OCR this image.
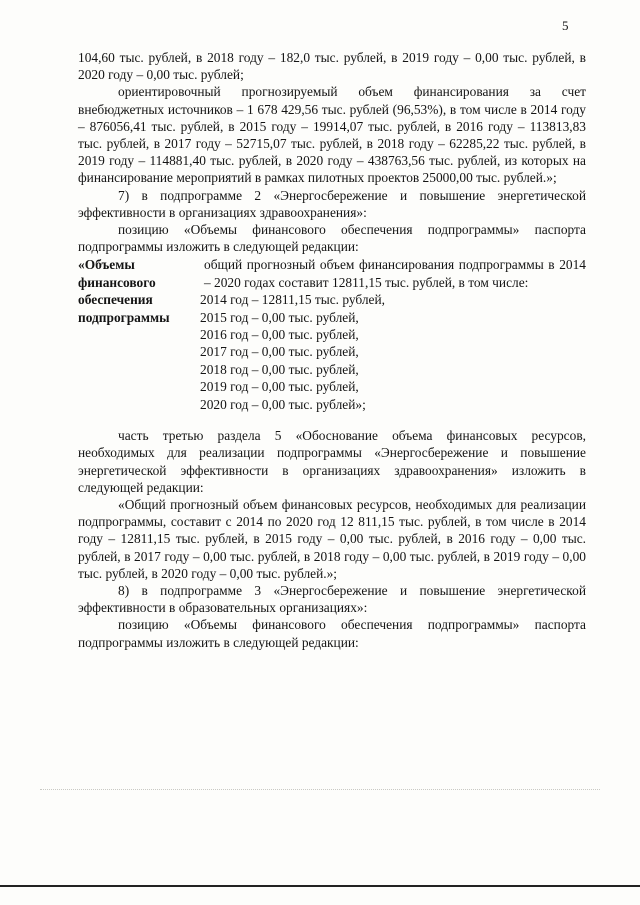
5

104,60 тыс. рублей, в 2018 году – 182,0 тыс. рублей, в 2019 году – 0,00 тыс. рублей, в 2020 году – 0,00 тыс. рублей;

ориентировочный прогнозируемый объем финансирования за счет внебюджетных источников – 1 678 429,56 тыс. рублей (96,53%), в том числе в 2014 году – 876056,41 тыс. рублей, в 2015 году – 19914,07 тыс. рублей, в 2016 году – 113813,83 тыс. рублей, в 2017 году – 52715,07 тыс. рублей, в 2018 году – 62285,22 тыс. рублей, в 2019 году – 114881,40 тыс. рублей, в 2020 году – 438763,56 тыс. рублей, из которых на финансирование мероприятий в рамках пилотных проектов 25000,00 тыс. рублей.»;

7) в подпрограмме 2 «Энергосбережение и повышение энергетической эффективности в организациях здравоохранения»:

позицию «Объемы финансового обеспечения подпрограммы» паспорта подпрограммы изложить в следующей редакции:

«Объемы
финансового
обеспечения
подпрограммы
общий прогнозный объем финансирования подпрограммы в 2014 – 2020 годах составит 12811,15 тыс. рублей, в том числе:
2014 год – 12811,15 тыс. рублей,
2015 год – 0,00 тыс. рублей,
2016 год – 0,00 тыс. рублей,
2017 год – 0,00 тыс. рублей,
2018 год – 0,00 тыс. рублей,
2019 год – 0,00 тыс. рублей,
2020 год – 0,00 тыс. рублей»;

часть третью раздела 5 «Обоснование объема финансовых ресурсов, необходимых для реализации подпрограммы «Энергосбережение и повышение энергетической эффективности в организациях здравоохранения» изложить в следующей редакции:

«Общий прогнозный объем финансовых ресурсов, необходимых для реализации подпрограммы, составит с 2014 по 2020 год 12 811,15 тыс. рублей, в том числе в 2014 году – 12811,15 тыс. рублей, в 2015 году – 0,00 тыс. рублей, в 2016 году – 0,00 тыс. рублей, в 2017 году – 0,00 тыс. рублей, в 2018 году – 0,00 тыс. рублей, в 2019 году – 0,00 тыс. рублей, в 2020 году – 0,00 тыс. рублей.»;

8) в подпрограмме 3 «Энергосбережение и повышение энергетической эффективности в образовательных организациях»:

позицию «Объемы финансового обеспечения подпрограммы» паспорта подпрограммы изложить в следующей редакции:
